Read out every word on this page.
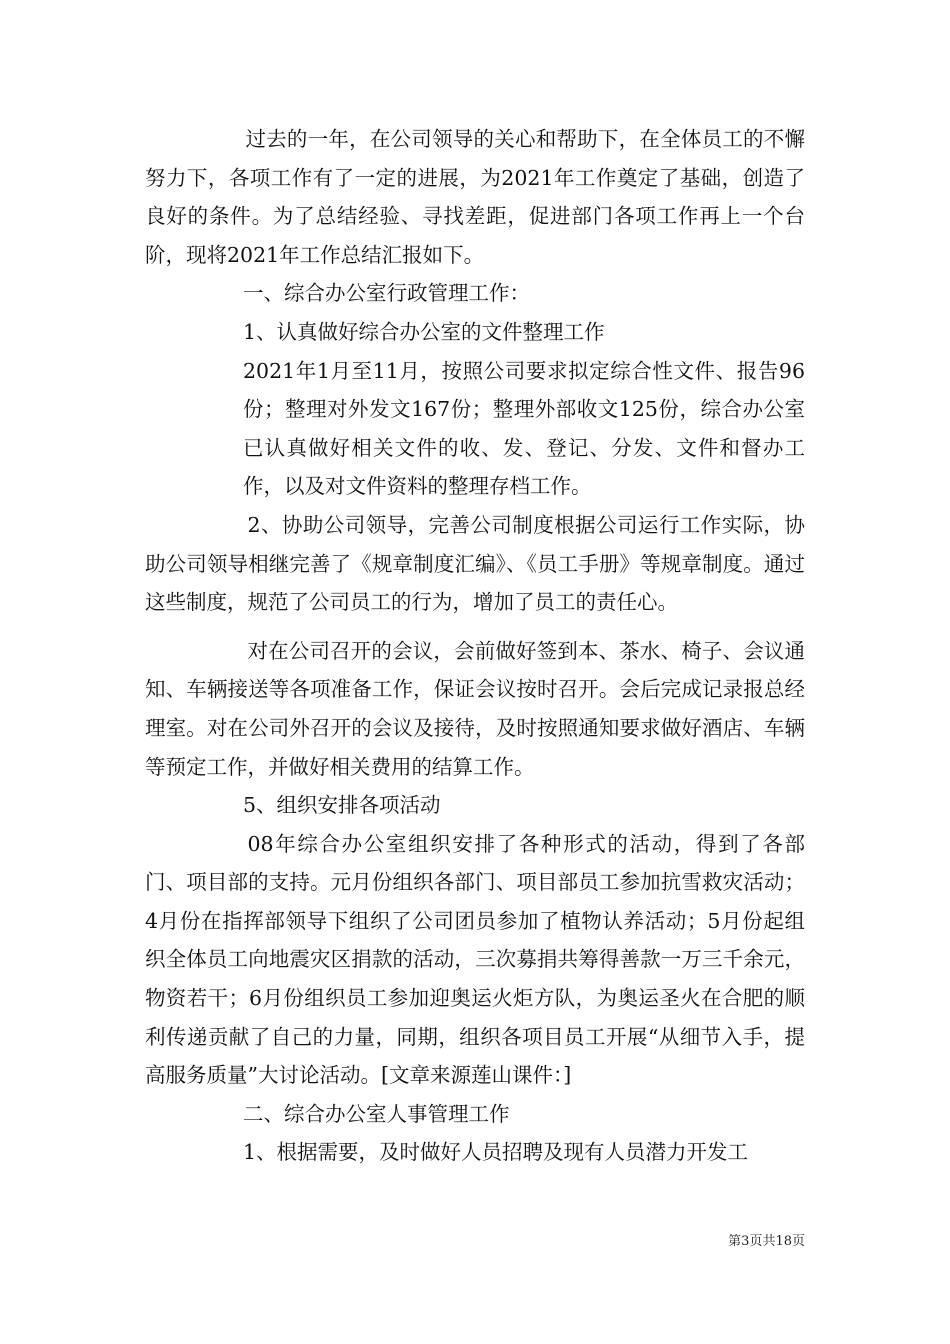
过去的一年，在公司领导的关心和帮助下，在全体员工的不懈努力下，各项工作有了一定的进展，为2021年工作奠定了基础，创造了良好的条件。为了总结经验、寻找差距，促进部门各项工作再上一个台阶，现将2021年工作总结汇报如下。

一、综合办公室行政管理工作：

1、认真做好综合办公室的文件整理工作

2021年1月至11月，按照公司要求拟定综合性文件、报告96份；整理对外发文167份；整理外部收文125份，综合办公室已认真做好相关文件的收、发、登记、分发、文件和督办工作，以及对文件资料的整理存档工作。

2、协助公司领导，完善公司制度根据公司运行工作实际，协助公司领导相继完善了《规章制度汇编》、《员工手册》等规章制度。通过这些制度，规范了公司员工的行为，增加了员工的责任心。

对在公司召开的会议，会前做好签到本、茶水、椅子、会议通知、车辆接送等各项准备工作，保证会议按时召开。会后完成记录报总经理室。对在公司外召开的会议及接待，及时按照通知要求做好酒店、车辆等预定工作，并做好相关费用的结算工作。

5、组织安排各项活动

08年综合办公室组织安排了各种形式的活动，得到了各部门、项目部的支持。元月份组织各部门、项目部员工参加抗雪救灾活动；4月份在指挥部领导下组织了公司团员参加了植物认养活动；5月份起组织全体员工向地震灾区捐款的活动，三次募捐共筹得善款一万三千余元，物资若干；6月份组织员工参加迎奥运火炬方队，为奥运圣火在合肥的顺利传递贡献了自己的力量，同期，组织各项目员工开展“从细节入手，提高服务质量”大讨论活动。[文章来源莲山课件：]

二、综合办公室人事管理工作

1、根据需要，及时做好人员招聘及现有人员潜力开发工

第3页共18页
